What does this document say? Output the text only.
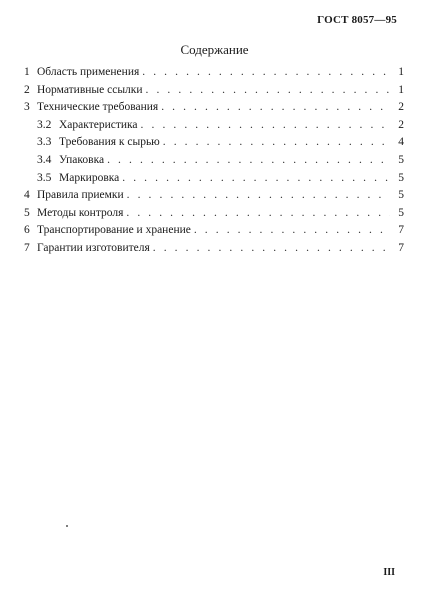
ГОСТ 8057—95
Содержание
1 Область применения . . .	1
2 Нормативные ссылки . . .	1
3 Технические требования . . .	2
3.2 Характеристика . . .	2
3.3 Требования к сырью . . .	4
3.4 Упаковка . . .	5
3.5 Маркировка . . .	5
4 Правила приемки . . .	5
5 Методы контроля . . .	5
6 Транспортирование и хранение . . .	7
7 Гарантии изготовителя . . .	7
III
